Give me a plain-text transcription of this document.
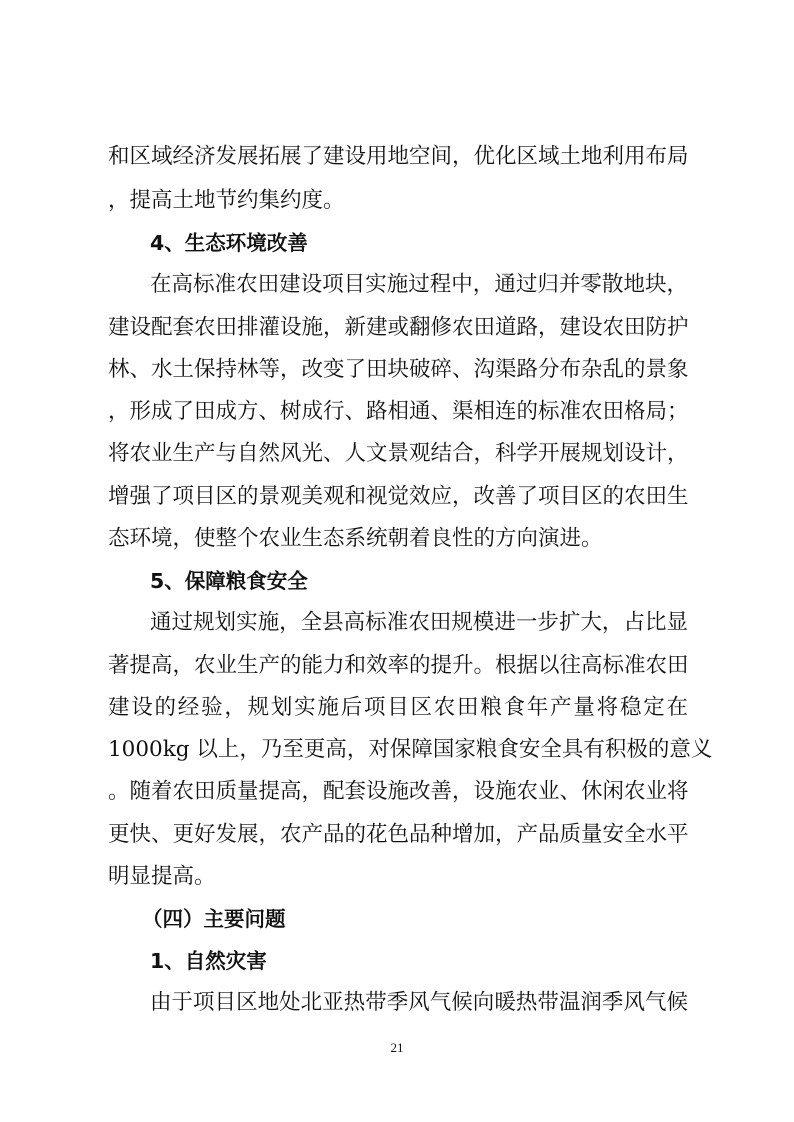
和区域经济发展拓展了建设用地空间，优化区域土地利用布局
，提高土地节约集约度。
4、生态环境改善
在高标准农田建设项目实施过程中，通过归并零散地块，
建设配套农田排灌设施，新建或翻修农田道路，建设农田防护
林、水土保持林等，改变了田块破碎、沟渠路分布杂乱的景象
，形成了田成方、树成行、路相通、渠相连的标准农田格局；
将农业生产与自然风光、人文景观结合，科学开展规划设计，
增强了项目区的景观美观和视觉效应，改善了项目区的农田生
态环境，使整个农业生态系统朝着良性的方向演进。
5、保障粮食安全
通过规划实施，全县高标准农田规模进一步扩大，占比显
著提高，农业生产的能力和效率的提升。根据以往高标准农田
建设的经验，规划实施后项目区农田粮食年产量将稳定在
1000kg 以上，乃至更高，对保障国家粮食安全具有积极的意义
。随着农田质量提高，配套设施改善，设施农业、休闲农业将
更快、更好发展，农产品的花色品种增加，产品质量安全水平
明显提高。
（四）主要问题
1、自然灾害
由于项目区地处北亚热带季风气候向暖热带温润季风气候
21
